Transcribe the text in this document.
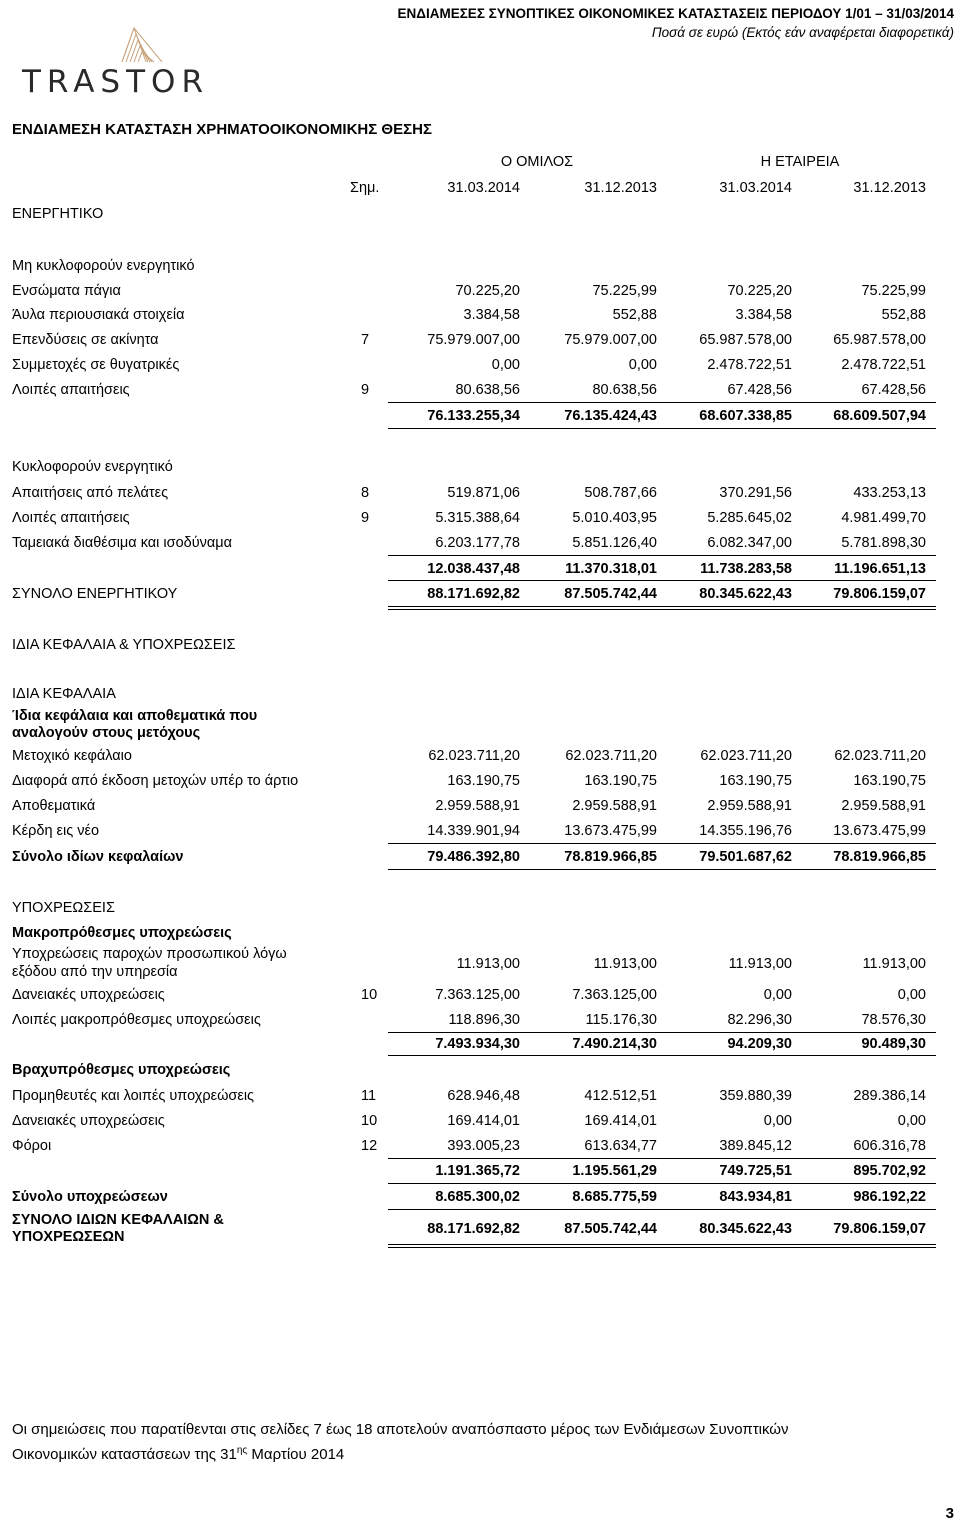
ΕΝΔΙΑΜΕΣΕΣ ΣΥΝΟΠΤΙΚΕΣ ΟΙΚΟΝΟΜΙΚΕΣ ΚΑΤΑΣΤΑΣΕΙΣ ΠΕΡΙΟΔΟΥ 1/01 – 31/03/2014
Ποσά σε ευρώ (Εκτός εάν αναφέρεται διαφορετικά)
TRASTOR
ΕΝΔΙΑΜΕΣΗ ΚΑΤΑΣΤΑΣΗ ΧΡΗΜΑΤΟΟΙΚΟΝΟΜΙΚΗΣ ΘΕΣΗΣ
Ο ΟΜΙΛΟΣ	Η ΕΤΑΙΡΕΙΑ
Σημ.	31.03.2014	31.12.2013	31.03.2014	31.12.2013
ΕΝΕΡΓΗΤΙΚΟ
Μη κυκλοφορούν ενεργητικό
Ενσώματα πάγια	70.225,20	75.225,99	70.225,20	75.225,99
Άυλα περιουσιακά στοιχεία	3.384,58	552,88	3.384,58	552,88
Επενδύσεις σε ακίνητα	7	75.979.007,00	75.979.007,00	65.987.578,00	65.987.578,00
Συμμετοχές σε θυγατρικές	0,00	0,00	2.478.722,51	2.478.722,51
Λοιπές απαιτήσεις	9	80.638,56	80.638,56	67.428,56	67.428,56
76.133.255,34	76.135.424,43	68.607.338,85	68.609.507,94
Κυκλοφορούν ενεργητικό
Απαιτήσεις από πελάτες	8	519.871,06	508.787,66	370.291,56	433.253,13
Λοιπές απαιτήσεις	9	5.315.388,64	5.010.403,95	5.285.645,02	4.981.499,70
Ταμειακά διαθέσιμα και ισοδύναμα	6.203.177,78	5.851.126,40	6.082.347,00	5.781.898,30
12.038.437,48	11.370.318,01	11.738.283,58	11.196.651,13
ΣΥΝΟΛΟ ΕΝΕΡΓΗΤΙΚΟΥ	88.171.692,82	87.505.742,44	80.345.622,43	79.806.159,07
ΙΔΙΑ ΚΕΦΑΛΑΙΑ & ΥΠΟΧΡΕΩΣΕΙΣ
ΙΔΙΑ ΚΕΦΑΛΑΙΑ
Ίδια κεφάλαια και αποθεματικά που
αναλογούν στους μετόχους
Μετοχικό κεφάλαιο	62.023.711,20	62.023.711,20	62.023.711,20	62.023.711,20
Διαφορά από έκδοση μετοχών υπέρ το άρτιο	163.190,75	163.190,75	163.190,75	163.190,75
Αποθεματικά	2.959.588,91	2.959.588,91	2.959.588,91	2.959.588,91
Κέρδη εις νέο	14.339.901,94	13.673.475,99	14.355.196,76	13.673.475,99
Σύνολο ιδίων κεφαλαίων	79.486.392,80	78.819.966,85	79.501.687,62	78.819.966,85
ΥΠΟΧΡΕΩΣΕΙΣ
Μακροπρόθεσμες υποχρεώσεις
Υποχρεώσεις παροχών προσωπικού λόγω
εξόδου από την υπηρεσία	11.913,00	11.913,00	11.913,00	11.913,00
Δανειακές υποχρεώσεις	10	7.363.125,00	7.363.125,00	0,00	0,00
Λοιπές μακροπρόθεσμες υποχρεώσεις	118.896,30	115.176,30	82.296,30	78.576,30
7.493.934,30	7.490.214,30	94.209,30	90.489,30
Βραχυπρόθεσμες υποχρεώσεις
Προμηθευτές και λοιπές υποχρεώσεις	11	628.946,48	412.512,51	359.880,39	289.386,14
Δανειακές υποχρεώσεις	10	169.414,01	169.414,01	0,00	0,00
Φόροι	12	393.005,23	613.634,77	389.845,12	606.316,78
1.191.365,72	1.195.561,29	749.725,51	895.702,92
Σύνολο υποχρεώσεων	8.685.300,02	8.685.775,59	843.934,81	986.192,22
ΣΥΝΟΛΟ ΙΔΙΩΝ ΚΕΦΑΛΑΙΩΝ &
ΥΠΟΧΡΕΩΣΕΩΝ	88.171.692,82	87.505.742,44	80.345.622,43	79.806.159,07
Οι σημειώσεις που παρατίθενται στις σελίδες 7 έως 18 αποτελούν αναπόσπαστο μέρος των Ενδιάμεσων Συνοπτικών
Οικονομικών καταστάσεων της $31^{\eta\varsigma}$ Μαρτίου 2014
3
